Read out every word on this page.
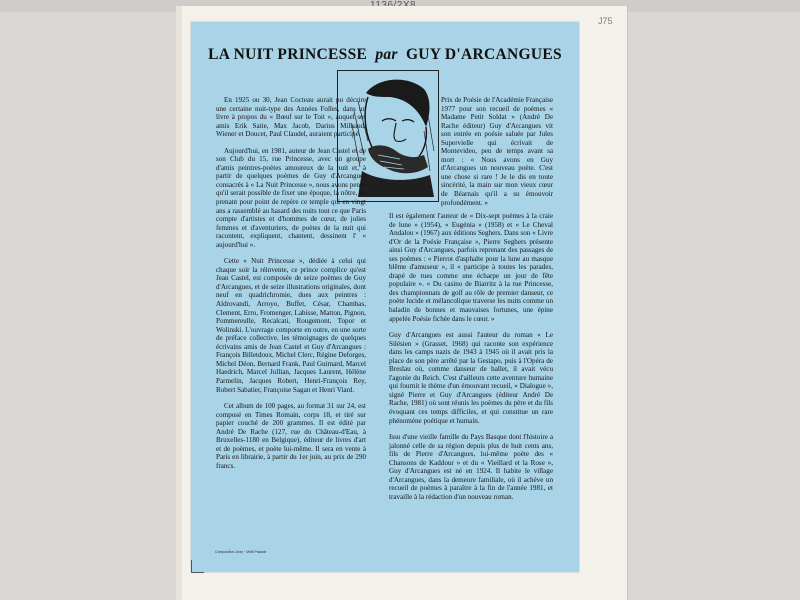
J75
LA NUIT PRINCESSE par GUY D'ARCANGUES

En 1925 ou 30, Jean Cocteau aurait pu décrire une certaine nuit-type des Années Folles, dans un livre à propos du « Bœuf sur le Toit », auquel ses amis Erik Satie, Max Jacob, Darius Milhaud, Wiener et Doucet, Paul Claudel, auraient participé.

Aujourd'hui, en 1981, auteur de Jean Castel et de son Club du 15, rue Princesse, avec un groupe d'amis peintres-poètes amoureux de la nuit et, à partir de quelques poèmes de Guy d'Arcangues consacrés à « La Nuit Princesse », nous avons pensé qu'il serait possible de fixer une époque, la nôtre, en prenant pour point de repère ce temple qui en vingt ans a rassemblé au hasard des nuits tout ce que Paris compte d'artistes et d'hommes de cœur, de jolies femmes et d'aventuriers, de poètes de la nuit qui racontent, expliquent, chantent, dessinent l' « aujourd'hui ».

Cette « Nuit Princesse », dédiée à celui qui chaque soir la réinvente, ce prince complice qu'est Jean Castel, est composée de seize poèmes de Guy d'Arcangues, et de seize illustrations originales, dont neuf en quadrichromie, dues aux peintres : Aldrovandi, Arroyo, Buffet, César, Chambas, Clement, Erro, Fromenger, Labisse, Matton, Pignon, Pommereulle, Recalcati, Rougemont, Topor et Wolinski. L'ouvrage comporte en outre, en une sorte de préface collective, les témoignages de quelques écrivains amis de Jean Castel et Guy d'Arcangues : François Billetdoux, Michel Clerc, Régine Deforges, Michel Déon, Bernard Frank, Paul Guimard, Marcel Haedrich, Marcel Jullian, Jacques Laurent, Hélène Parmelin, Jacques Robert, Henri-François Rey, Robert Sabatier, Françoise Sagan et Henri Viard.

Cet album de 100 pages, au format 31 sur 24, est composé en Times Romain, corps 18, et tiré sur papier couché de 200 grammes. Il est édité par André De Rache (127, rue du Château-d'Eau, à Bruxelles-1180 en Belgique), éditeur de livres d'art et de poèmes, et poète lui-même. Il sera en vente à Paris en librairie, à partir du 1er juin, au prix de 290 francs.

Prix de Poésie de l'Académie Française 1977 pour son recueil de poèmes « Madame Petit Soldat » (André De Rache éditeur) Guy d'Arcangues vit son entrée en poésie saluée par Jules Supervielle qui écrivait de Montevideo, peu de temps avant sa mort : « Nous avons en Guy d'Arcangues un nouveau poète. C'est une chose si rare ! Je le dis en toute sincérité, la main sur mon vieux cœur de Béarnais qu'il a su émouvoir profondément. »

Il est également l'auteur de « Dix-sept poèmes à la craie de lune » (1954), « Eugénia » (1958) et « Le Cheval Andalou » (1967) aux éditions Seghers. Dans son « Livre d'Or de la Poésie Française », Pierre Seghers présente ainsi Guy d'Arcangues, parfois reprenant des passages de ses poèmes : « Pierrot d'asphalte pour la lune au masque blême d'amuseur », il « participe à toutes les parades, drapé de rues comme une écharpe un jour de fête populaire ». « Du casino de Biarritz à la rue Princesse, des championnats de golf au rôle de premier danseur, ce poète lucide et mélancolique traverse les nuits comme un baladin de bonnes et mauvaises fortunes, une épine appelée Poésie fichée dans le cœur. »

Guy d'Arcangues est aussi l'auteur du roman « Le Silésien » (Grasset, 1968) qui raconte son expérience dans les camps nazis de 1943 à 1945 où il avait pris la place de son père arrêté par la Gestapo, puis à l'Opéra de Breslau où, comme danseur de ballet, il avait vécu l'agonie du Reich. C'est d'ailleurs cette aventure humaine qui fournit le thème d'un émouvant recueil, « Dialogue », signé Pierre et Guy d'Arcangues (éditeur André De Rache, 1981) où sont réunis les poèmes du père et du fils évoquant ces temps difficiles, et qui constitue un rare phénomène poétique et humain.

Issu d'une vieille famille du Pays Basque dont l'histoire a jalonné celle de sa région depuis plus de huit cents ans, fils de Pierre d'Arcangues, lui-même poète des « Chansons de Kaddour » et du « Vieillard et la Rose », Guy d'Arcangues est né en 1924. Il habite le village d'Arcangues, dans la demeure familiale, où il achève un recueil de poèmes à paraître à la fin de l'année 1981, et travaille à la rédaction d'un nouveau roman.

Composition Jean · Mirlit Pasadé
